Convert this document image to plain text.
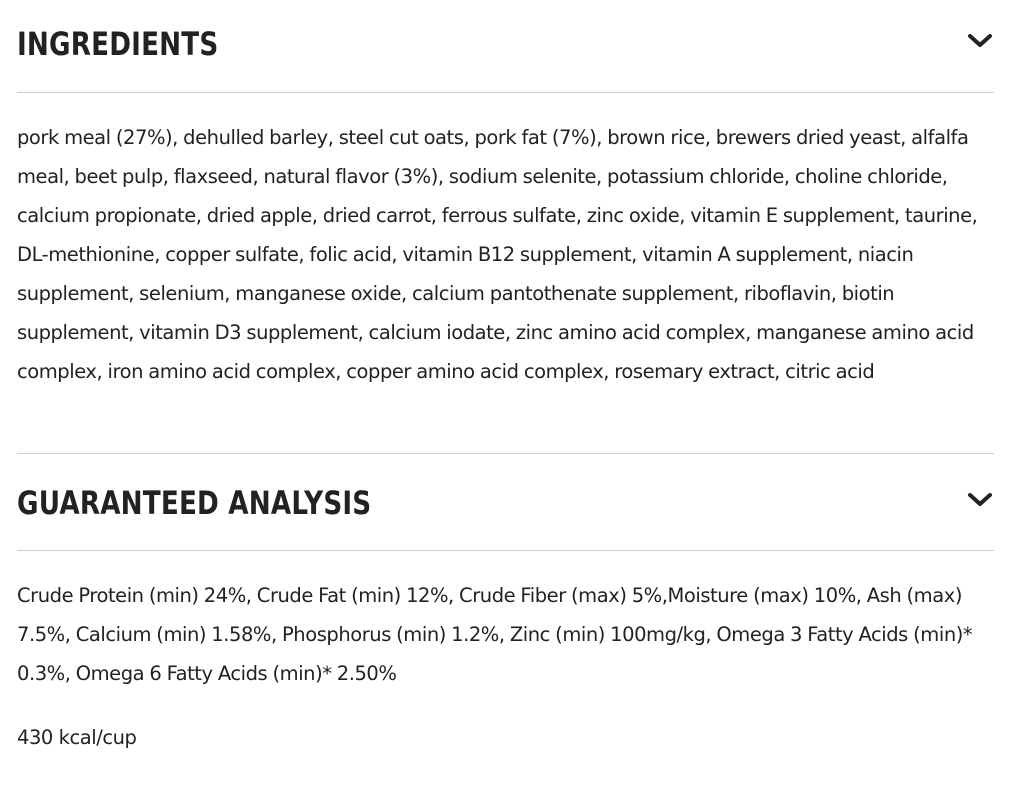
INGREDIENTS

pork meal (27%), dehulled barley, steel cut oats, pork fat (7%), brown rice, brewers dried yeast, alfalfa meal, beet pulp, flaxseed, natural flavor (3%), sodium selenite, potassium chloride, choline chloride, calcium propionate, dried apple, dried carrot, ferrous sulfate, zinc oxide, vitamin E supplement, taurine, DL-methionine, copper sulfate, folic acid, vitamin B12 supplement, vitamin A supplement, niacin supplement, selenium, manganese oxide, calcium pantothenate supplement, riboflavin, biotin supplement, vitamin D3 supplement, calcium iodate, zinc amino acid complex, manganese amino acid complex, iron amino acid complex, copper amino acid complex, rosemary extract, citric acid

GUARANTEED ANALYSIS

Crude Protein (min) 24%, Crude Fat (min) 12%, Crude Fiber (max) 5%,Moisture (max) 10%, Ash (max) 7.5%, Calcium (min) 1.58%, Phosphorus (min) 1.2%, Zinc (min) 100mg/kg, Omega 3 Fatty Acids (min)* 0.3%, Omega 6 Fatty Acids (min)* 2.50%

430 kcal/cup
